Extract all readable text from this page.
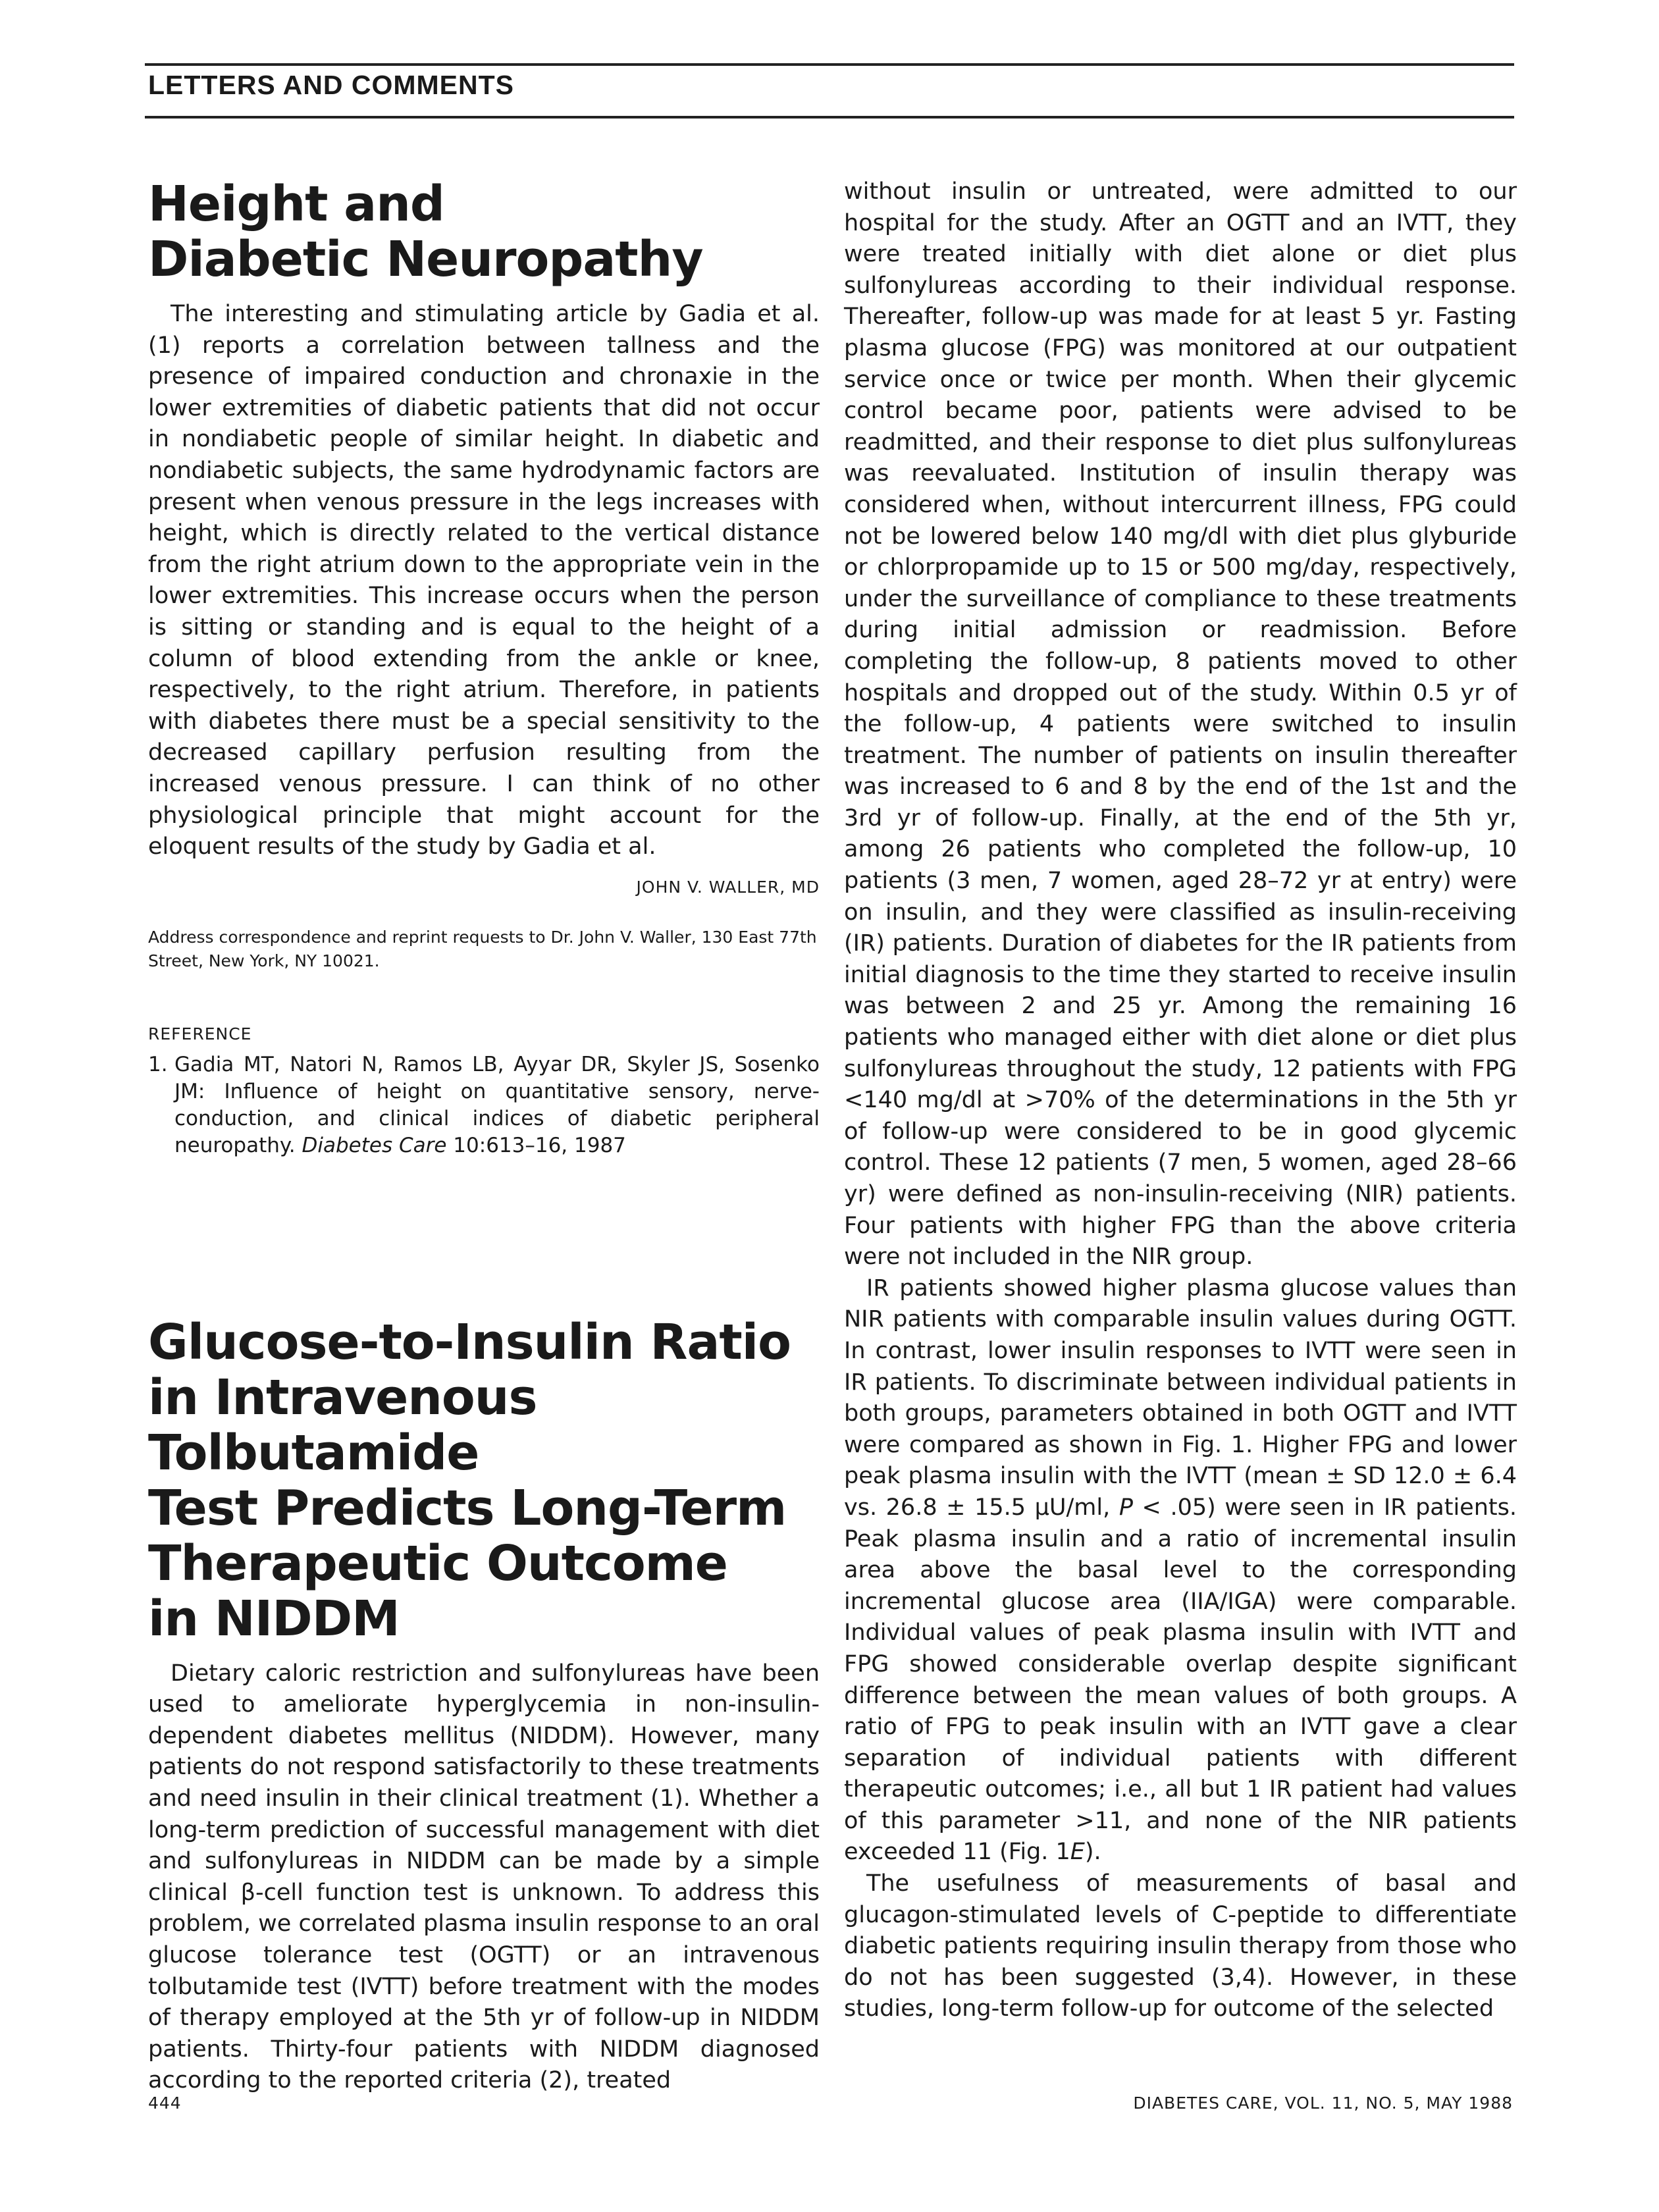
LETTERS AND COMMENTS
Height and
Diabetic Neuropathy

The interesting and stimulating article by Gadia et al. (1) reports a correlation between tallness and the presence of impaired conduction and chronaxie in the lower extremities of diabetic patients that did not occur in nondiabetic people of similar height. In diabetic and nondiabetic subjects, the same hydrodynamic factors are present when venous pressure in the legs increases with height, which is directly related to the vertical distance from the right atrium down to the appropriate vein in the lower extremities. This increase occurs when the person is sitting or standing and is equal to the height of a column of blood extending from the ankle or knee, respectively, to the right atrium. Therefore, in patients with diabetes there must be a special sensitivity to the decreased capillary perfusion resulting from the increased venous pressure. I can think of no other physiological principle that might account for the eloquent results of the study by Gadia et al.

JOHN V. WALLER, MD

Address correspondence and reprint requests to Dr. John V. Waller, 130 East 77th Street, New York, NY 10021.

REFERENCE
1. Gadia MT, Natori N, Ramos LB, Ayyar DR, Skyler JS, Sosenko JM: Influence of height on quantitative sensory, nerve-conduction, and clinical indices of diabetic peripheral neuropathy. Diabetes Care 10:613–16, 1987
Glucose-to-Insulin Ratio
in Intravenous Tolbutamide
Test Predicts Long-Term
Therapeutic Outcome
in NIDDM

Dietary caloric restriction and sulfonylureas have been used to ameliorate hyperglycemia in non-insulin-dependent diabetes mellitus (NIDDM). However, many patients do not respond satisfactorily to these treatments and need insulin in their clinical treatment (1). Whether a long-term prediction of successful management with diet and sulfonylureas in NIDDM can be made by a simple clinical β-cell function test is unknown. To address this problem, we correlated plasma insulin response to an oral glucose tolerance test (OGTT) or an intravenous tolbutamide test (IVTT) before treatment with the modes of therapy employed at the 5th yr of follow-up in NIDDM patients. Thirty-four patients with NIDDM diagnosed according to the reported criteria (2), treated

without insulin or untreated, were admitted to our hospital for the study. After an OGTT and an IVTT, they were treated initially with diet alone or diet plus sulfonylureas according to their individual response. Thereafter, follow-up was made for at least 5 yr. Fasting plasma glucose (FPG) was monitored at our outpatient service once or twice per month. When their glycemic control became poor, patients were advised to be readmitted, and their response to diet plus sulfonylureas was reevaluated. Institution of insulin therapy was considered when, without intercurrent illness, FPG could not be lowered below 140 mg/dl with diet plus glyburide or chlorpropamide up to 15 or 500 mg/day, respectively, under the surveillance of compliance to these treatments during initial admission or readmission. Before completing the follow-up, 8 patients moved to other hospitals and dropped out of the study. Within 0.5 yr of the follow-up, 4 patients were switched to insulin treatment. The number of patients on insulin thereafter was increased to 6 and 8 by the end of the 1st and the 3rd yr of follow-up. Finally, at the end of the 5th yr, among 26 patients who completed the follow-up, 10 patients (3 men, 7 women, aged 28–72 yr at entry) were on insulin, and they were classified as insulin-receiving (IR) patients. Duration of diabetes for the IR patients from initial diagnosis to the time they started to receive insulin was between 2 and 25 yr. Among the remaining 16 patients who managed either with diet alone or diet plus sulfonylureas throughout the study, 12 patients with FPG <140 mg/dl at >70% of the determinations in the 5th yr of follow-up were considered to be in good glycemic control. These 12 patients (7 men, 5 women, aged 28–66 yr) were defined as non-insulin-receiving (NIR) patients. Four patients with higher FPG than the above criteria were not included in the NIR group.

IR patients showed higher plasma glucose values than NIR patients with comparable insulin values during OGTT. In contrast, lower insulin responses to IVTT were seen in IR patients. To discriminate between individual patients in both groups, parameters obtained in both OGTT and IVTT were compared as shown in Fig. 1. Higher FPG and lower peak plasma insulin with the IVTT (mean ± SD 12.0 ± 6.4 vs. 26.8 ± 15.5 μU/ml, P < .05) were seen in IR patients. Peak plasma insulin and a ratio of incremental insulin area above the basal level to the corresponding incremental glucose area (IIA/IGA) were comparable. Individual values of peak plasma insulin with IVTT and FPG showed considerable overlap despite significant difference between the mean values of both groups. A ratio of FPG to peak insulin with an IVTT gave a clear separation of individual patients with different therapeutic outcomes; i.e., all but 1 IR patient had values of this parameter >11, and none of the NIR patients exceeded 11 (Fig. 1E).

The usefulness of measurements of basal and glucagon-stimulated levels of C-peptide to differentiate diabetic patients requiring insulin therapy from those who do not has been suggested (3,4). However, in these studies, long-term follow-up for outcome of the selected

444	DIABETES CARE, VOL. 11, NO. 5, MAY 1988
